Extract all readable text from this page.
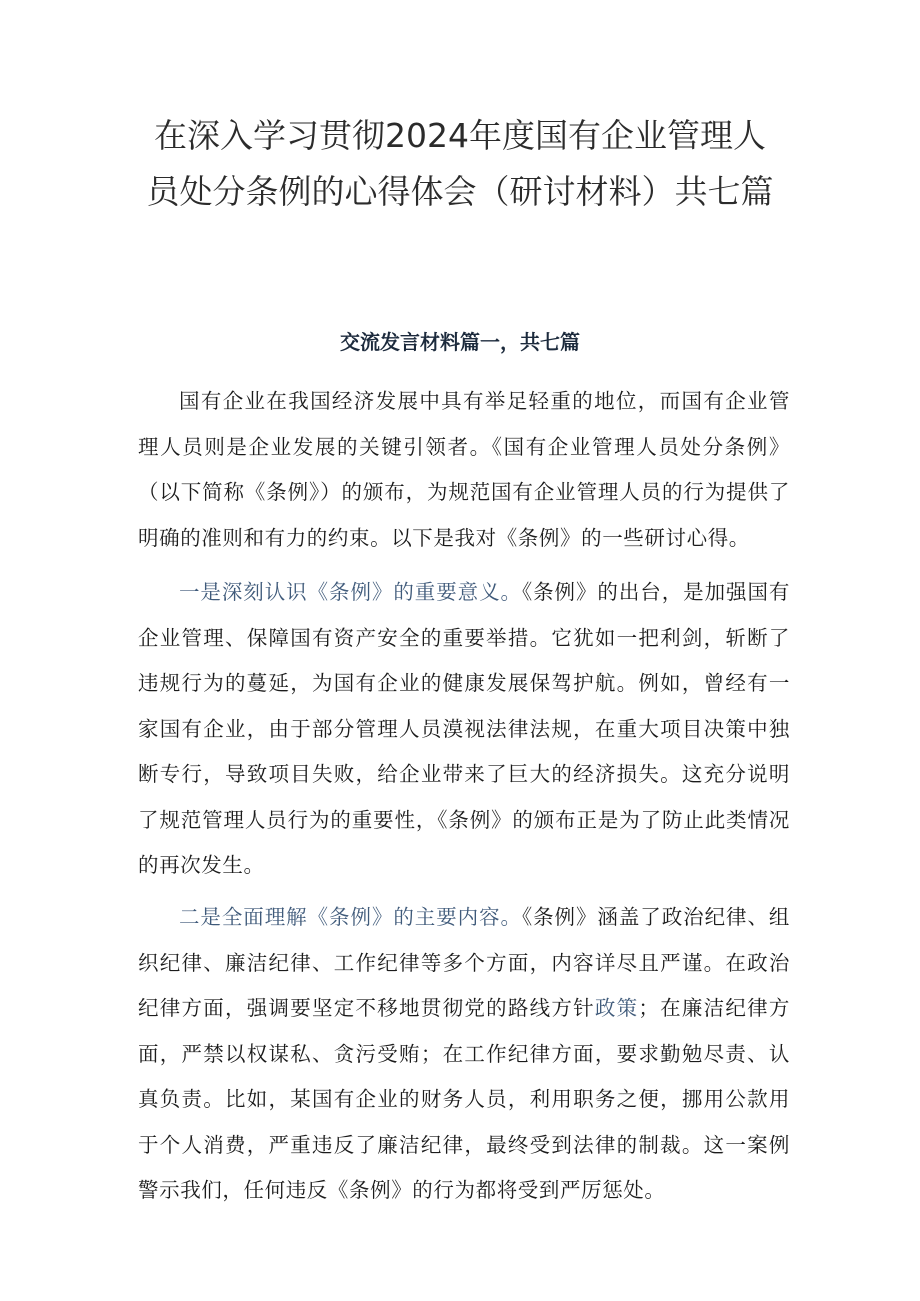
在深入学习贯彻2024年度国有企业管理人员处分条例的心得体会（研讨材料）共七篇
交流发言材料篇一，共七篇

国有企业在我国经济发展中具有举足轻重的地位，而国有企业管理人员则是企业发展的关键引领者。《国有企业管理人员处分条例》（以下简称《条例》）的颁布，为规范国有企业管理人员的行为提供了明确的准则和有力的约束。以下是我对《条例》的一些研讨心得。

一是深刻认识《条例》的重要意义。《条例》的出台，是加强国有企业管理、保障国有资产安全的重要举措。它犹如一把利剑，斩断了违规行为的蔓延，为国有企业的健康发展保驾护航。例如，曾经有一家国有企业，由于部分管理人员漠视法律法规，在重大项目决策中独断专行，导致项目失败，给企业带来了巨大的经济损失。这充分说明了规范管理人员行为的重要性，《条例》的颁布正是为了防止此类情况的再次发生。

二是全面理解《条例》的主要内容。《条例》涵盖了政治纪律、组织纪律、廉洁纪律、工作纪律等多个方面，内容详尽且严谨。在政治纪律方面，强调要坚定不移地贯彻党的路线方针政策；在廉洁纪律方面，严禁以权谋私、贪污受贿；在工作纪律方面，要求勤勉尽责、认真负责。比如，某国有企业的财务人员，利用职务之便，挪用公款用于个人消费，严重违反了廉洁纪律，最终受到法律的制裁。这一案例警示我们，任何违反《条例》的行为都将受到严厉惩处。
